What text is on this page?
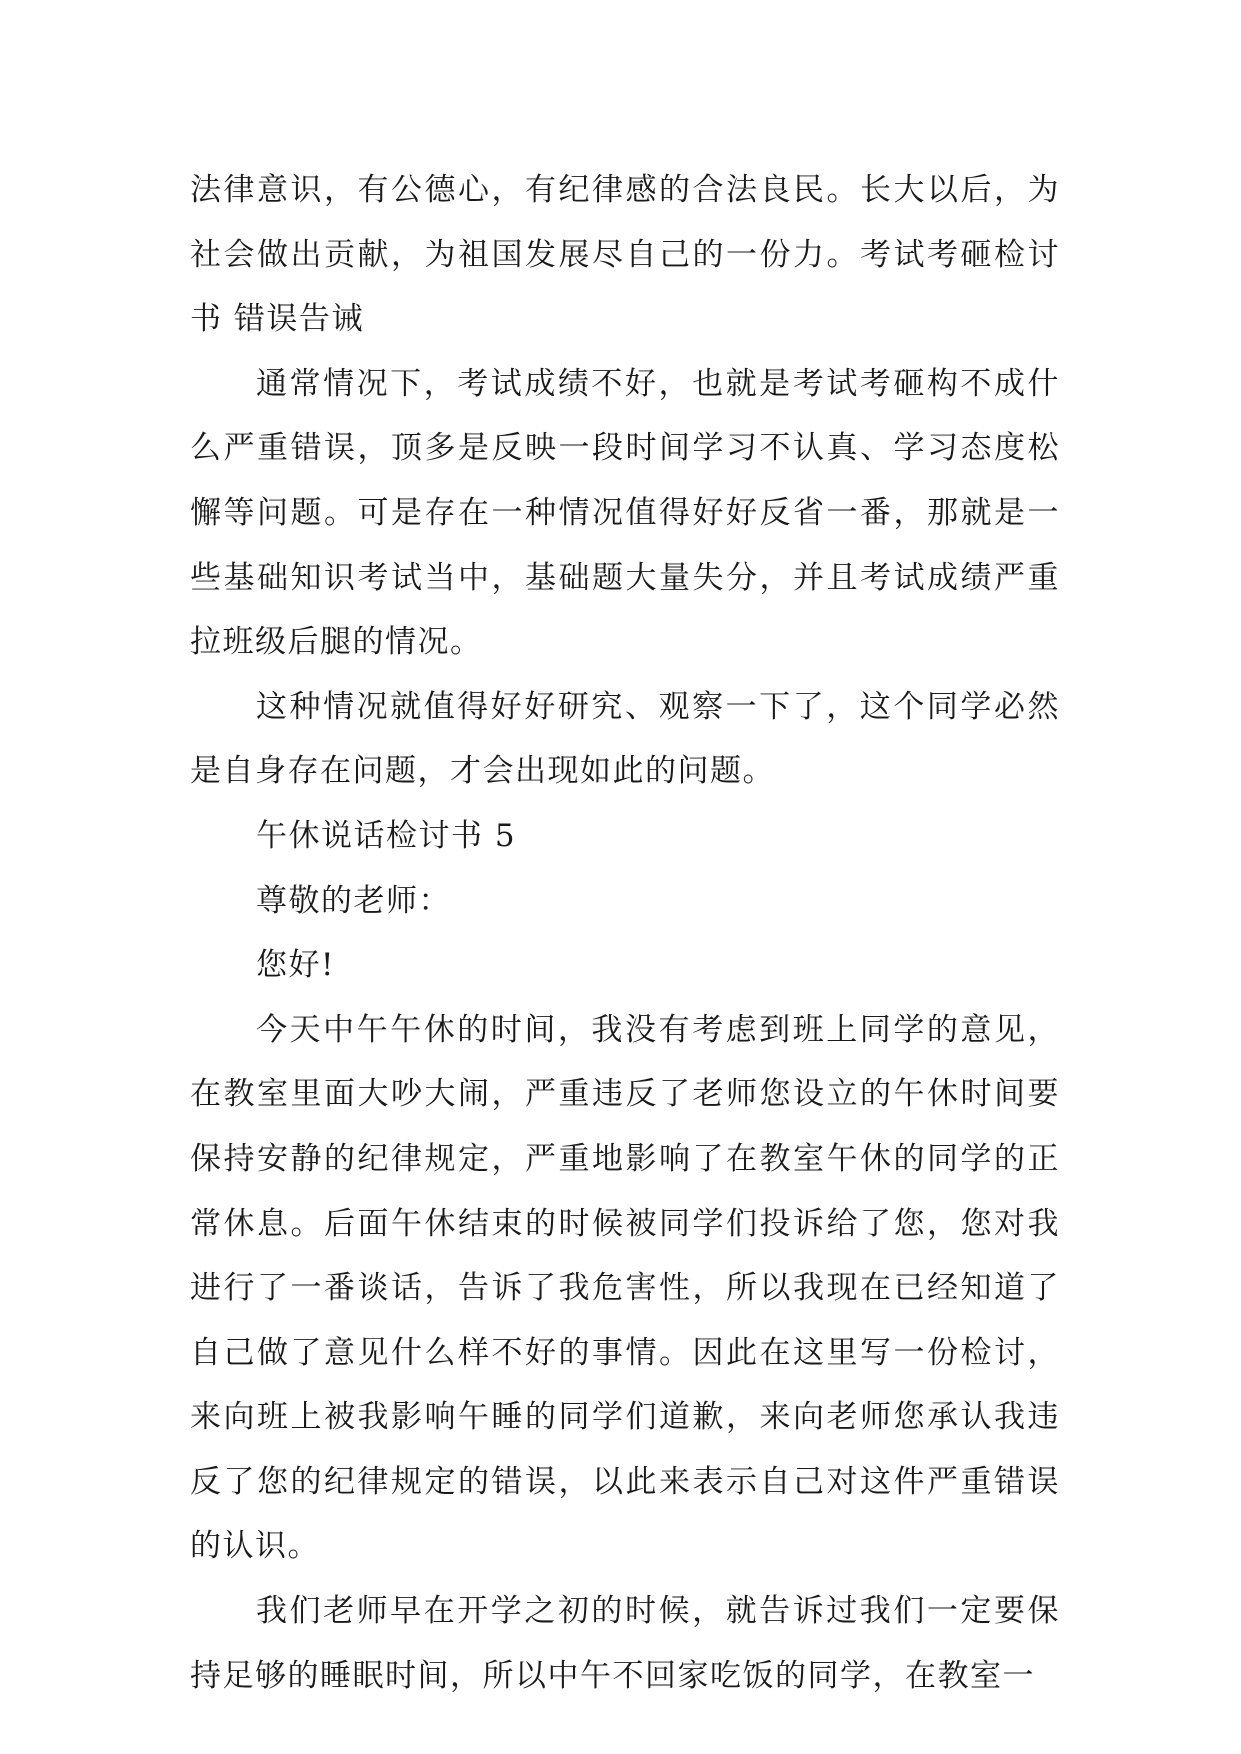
法律意识，有公德心，有纪律感的合法良民。长大以后，为社会做出贡献，为祖国发展尽自己的一份力。考试考砸检讨书 错误告诫

通常情况下，考试成绩不好，也就是考试考砸构不成什么严重错误，顶多是反映一段时间学习不认真、学习态度松懈等问题。可是存在一种情况值得好好反省一番，那就是一些基础知识考试当中，基础题大量失分，并且考试成绩严重拉班级后腿的情况。

这种情况就值得好好研究、观察一下了，这个同学必然是自身存在问题，才会出现如此的问题。

午休说话检讨书 5

尊敬的老师：

您好!

今天中午午休的时间，我没有考虑到班上同学的意见，在教室里面大吵大闹，严重违反了老师您设立的午休时间要保持安静的纪律规定，严重地影响了在教室午休的同学的正常休息。后面午休结束的时候被同学们投诉给了您，您对我进行了一番谈话，告诉了我危害性，所以我现在已经知道了自己做了意见什么样不好的事情。因此在这里写一份检讨，来向班上被我影响午睡的同学们道歉，来向老师您承认我违反了您的纪律规定的错误，以此来表示自己对这件严重错误的认识。

我们老师早在开学之初的时候，就告诉过我们一定要保持足够的睡眠时间，所以中午不回家吃饭的同学，在教室一
